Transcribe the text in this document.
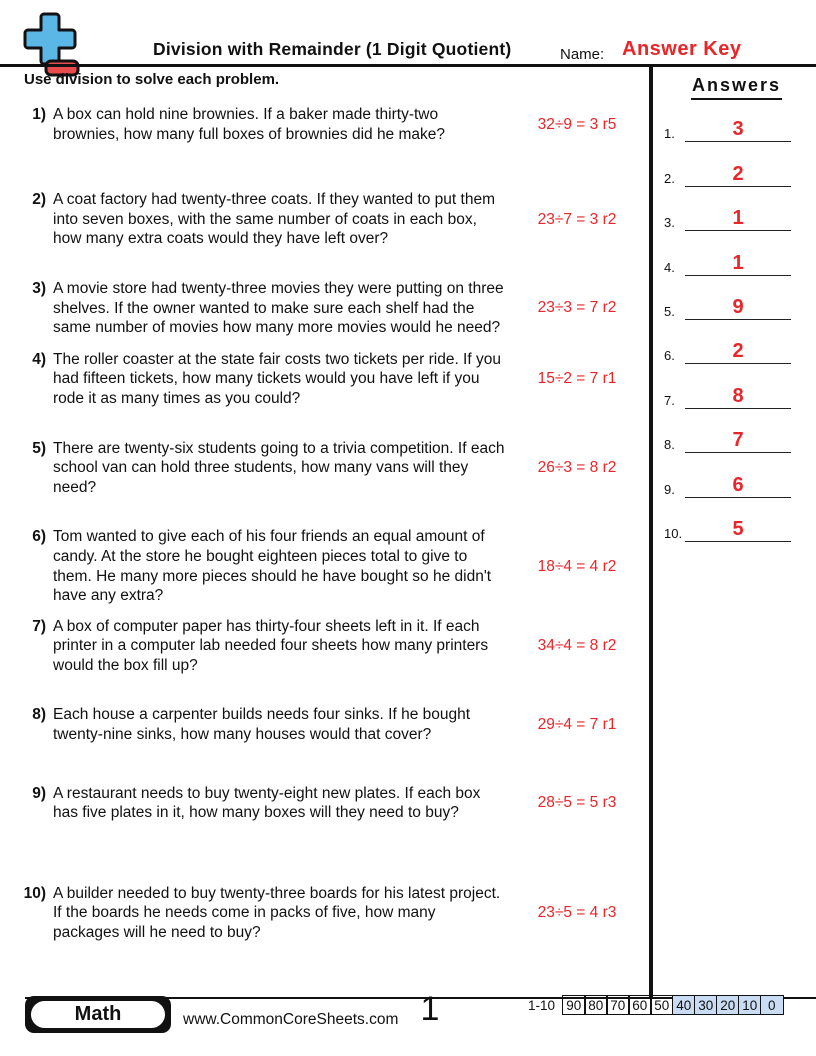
Division with Remainder (1 Digit Quotient)	Name: Answer Key
Use division to solve each problem.
1) A box can hold nine brownies. If a baker made thirty-two brownies, how many full boxes of brownies did he make?
32÷9 = 3 r5
2) A coat factory had twenty-three coats. If they wanted to put them into seven boxes, with the same number of coats in each box, how many extra coats would they have left over?
23÷7 = 3 r2
3) A movie store had twenty-three movies they were putting on three shelves. If the owner wanted to make sure each shelf had the same number of movies how many more movies would he need?
23÷3 = 7 r2
4) The roller coaster at the state fair costs two tickets per ride. If you had fifteen tickets, how many tickets would you have left if you rode it as many times as you could?
15÷2 = 7 r1
5) There are twenty-six students going to a trivia competition. If each school van can hold three students, how many vans will they need?
26÷3 = 8 r2
6) Tom wanted to give each of his four friends an equal amount of candy. At the store he bought eighteen pieces total to give to them. He many more pieces should he have bought so he didn't have any extra?
18÷4 = 4 r2
7) A box of computer paper has thirty-four sheets left in it. If each printer in a computer lab needed four sheets how many printers would the box fill up?
34÷4 = 8 r2
8) Each house a carpenter builds needs four sinks. If he bought twenty-nine sinks, how many houses would that cover?
29÷4 = 7 r1
9) A restaurant needs to buy twenty-eight new plates. If each box has five plates in it, how many boxes will they need to buy?
28÷5 = 5 r3
10) A builder needed to buy twenty-three boards for his latest project. If the boards he needs come in packs of five, how many packages will he need to buy?
23÷5 = 4 r3
Answers
1.	3
2.	2
3.	1
4.	1
5.	9
6.	2
7.	8
8.	7
9.	6
10.	5
Math	www.CommonCoreSheets.com 1	1-10 90 80 70 60 50 40 30 20 10 0
